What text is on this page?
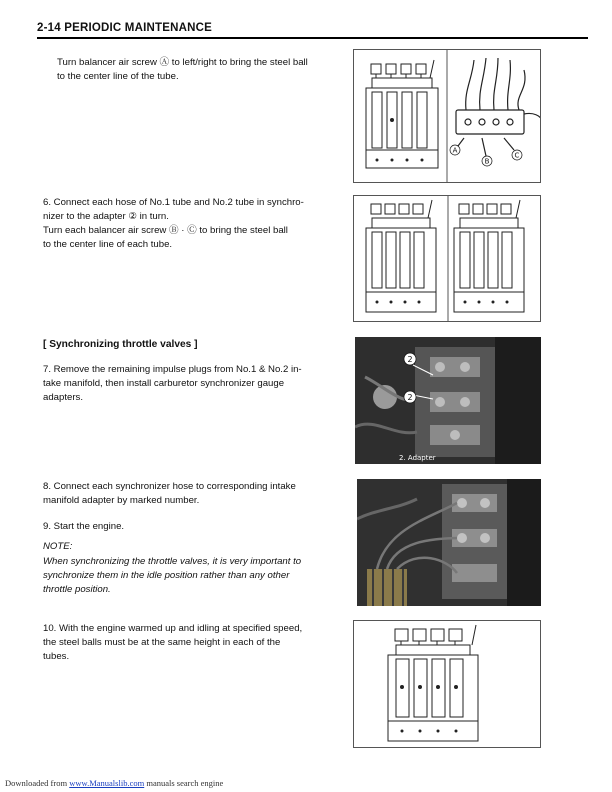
2-14 PERIODIC MAINTENANCE
Turn balancer air screw Ⓐ to left/right to bring the steel ball
to the center line of the tube.
A
B
C
6. Connect each hose of No.1 tube and No.2 tube in synchro-
nizer to the adapter ② in turn.
Turn each balancer air screw Ⓑ · Ⓒ to bring the steel ball
to the center line of each tube.
[ Synchronizing throttle valves ]
7. Remove the remaining impulse plugs from No.1 & No.2 in-
take manifold, then install carburetor synchronizer gauge
adapters.
2
2
2. Adapter
8. Connect each synchronizer hose to corresponding intake
manifold adapter by marked number.
9. Start the engine.
NOTE:
When synchronizing the throttle valves, it is very important to
synchronize them in the idle position rather than any other
throttle position.
10. With the engine warmed up and idling at specified speed,
the steel balls must be at the same height in each of the
tubes.
Downloaded from www.Manualslib.com manuals search engine
